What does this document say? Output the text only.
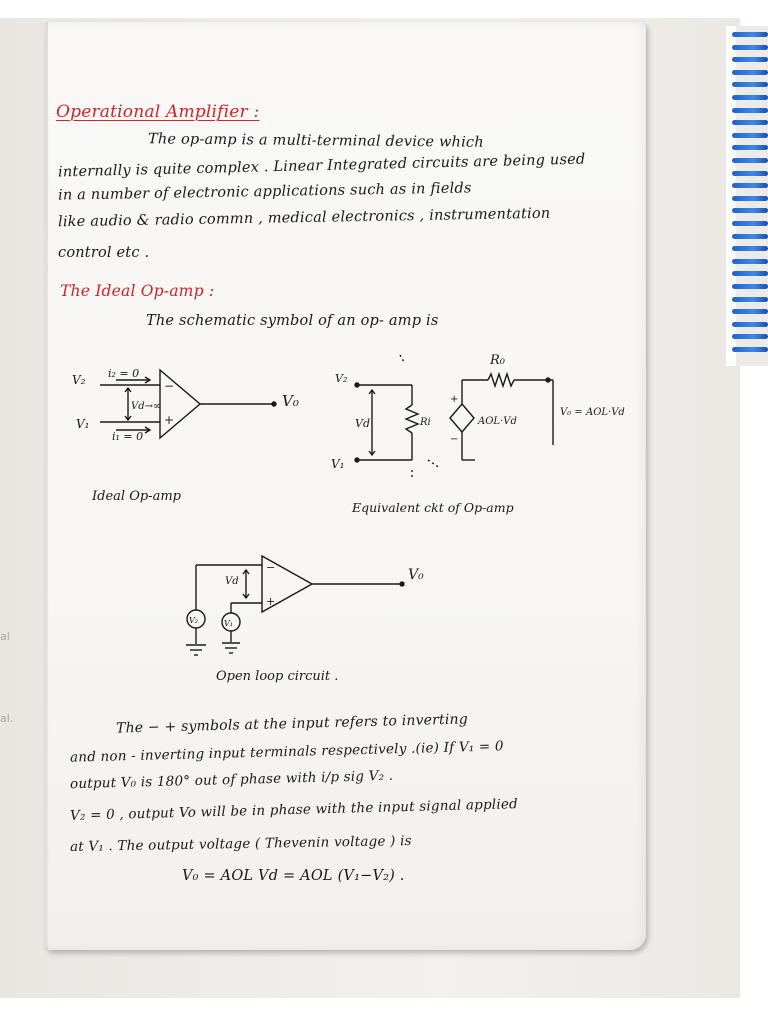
al
al.
Operational Amplifier :
The op-amp is a multi-terminal device which
internally is quite complex . Linear Integrated circuits are being used
in a number of electronic applications such as in fields
like audio & radio commn , medical electronics , instrumentation
control etc .
The Ideal Op-amp :
The schematic symbol of an op- amp is
V₂ i₂ = 0
Vd→∞
V₁
i₁ = 0
−
+
V₀
Ideal Op-amp
V₂
V₁
Vd	Ri
R₀
+
−
AOL·Vd
V₀ = AOL·Vd
Equivalent ckt of Op-amp
Vd
−
+
V₂	V₁
V₀
Open loop circuit .
The − + symbols at the input refers to inverting
and non - inverting input terminals respectively .(ie) If V₁ = 0
output V₀ is 180° out of phase with i/p sig V₂ .
V₂ = 0 , output Vo will be in phase with the input signal applied
at V₁ . The output voltage ( Thevenin voltage ) is
V₀ = AOL Vd = AOL (V₁−V₂) .
